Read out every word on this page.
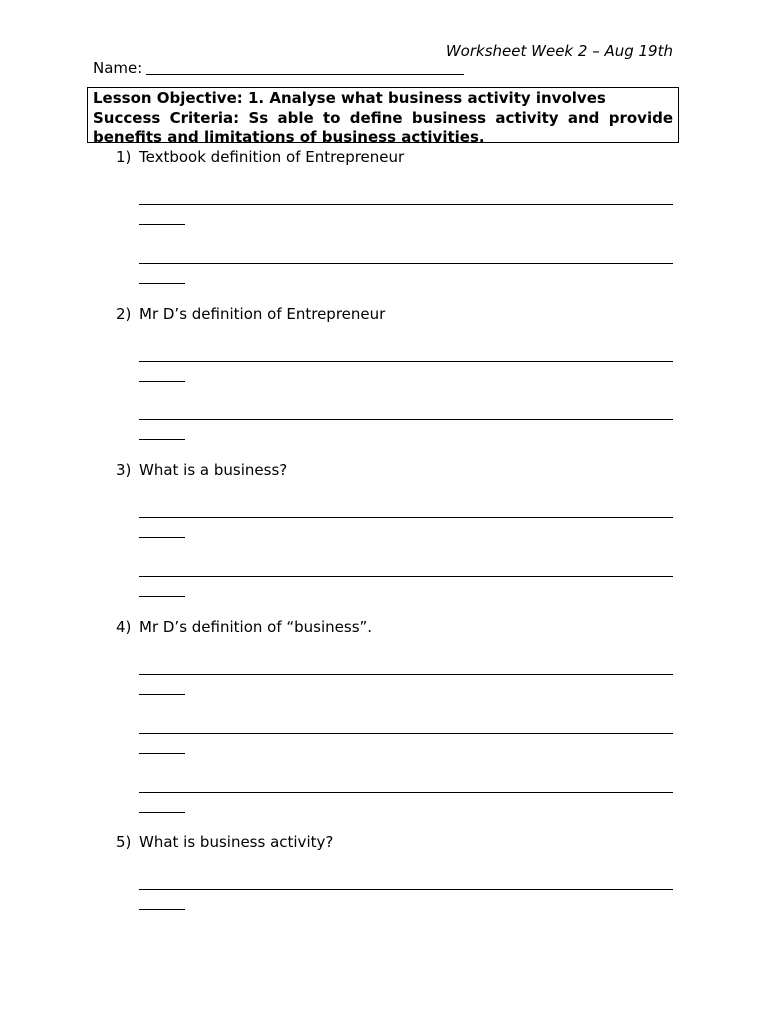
Worksheet Week 2 – Aug 19th
Name:
Lesson Objective: 1. Analyse what business activity involves
Success Criteria: Ss able to define business activity and provide
benefits and limitations of business activities.
1) Textbook definition of Entrepreneur
2) Mr D’s definition of Entrepreneur
3) What is a business?
4) Mr D’s definition of “business”.
5) What is business activity?
